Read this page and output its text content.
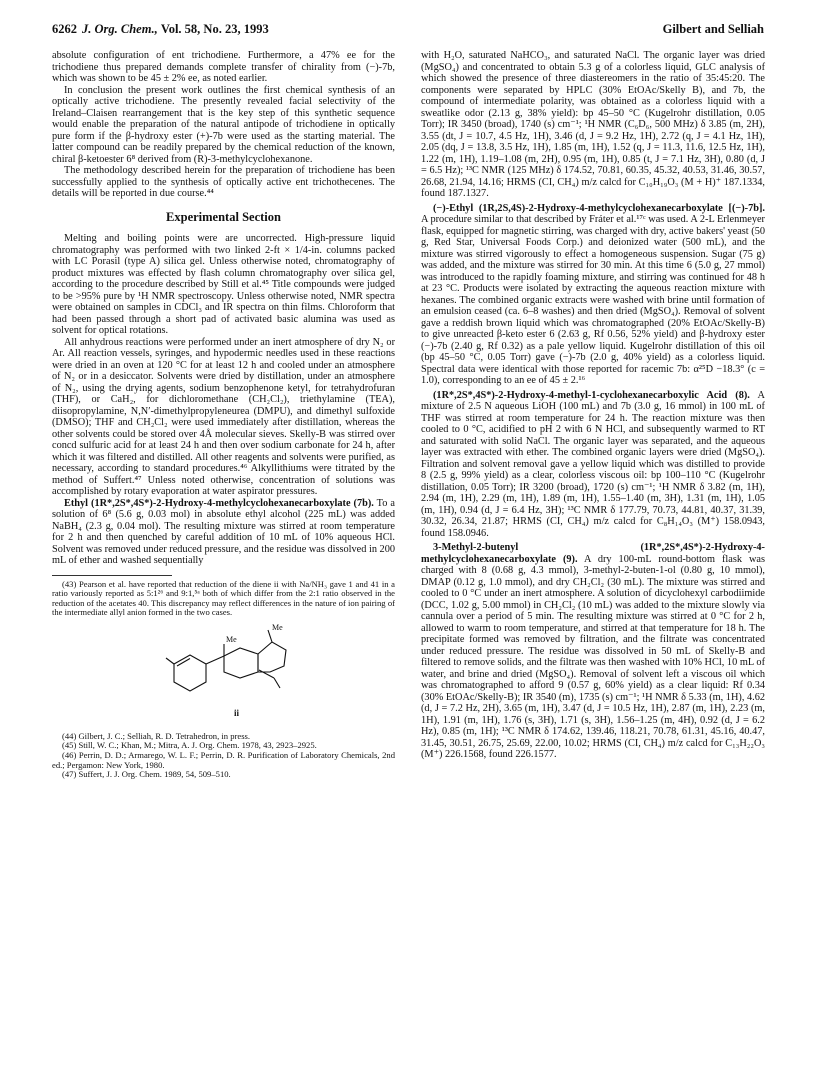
6262 J. Org. Chem., Vol. 58, No. 23, 1993	Gilbert and Selliah

absolute configuration of ent trichodiene. Furthermore, a 47% ee for the trichodiene thus prepared demands complete transfer of chirality from (−)-7b, which was shown to be 45 ± 2% ee, as noted earlier.

In conclusion the present work outlines the first chemical synthesis of an optically active trichodiene. The presently revealed facial selectivity of the Ireland–Claisen rearrangement that is the key step of this synthetic sequence would enable the preparation of the natural antipode of trichodiene in optically pure form if the β-hydroxy ester (+)-7b were used as the starting material. The latter compound can be readily prepared by the chemical reduction of the known, chiral β-ketoester 6⁸ derived from (R)-3-methylcyclohexanone.

The methodology described herein for the preparation of trichodiene has been successfully applied to the synthesis of optically active ent trichothecenes. The details will be reported in due course.⁴⁴

Experimental Section

Melting and boiling points were are uncorrected. High-pressure liquid chromatography was performed with two linked 2-ft × 1/4-in. columns packed with LC Porasil (type A) silica gel. Unless otherwise noted, chromatography of product mixtures was effected by flash column chromatography over silica gel, according to the procedure described by Still et al.⁴⁵ Title compounds were judged to be >95% pure by ¹H NMR spectroscopy. Unless otherwise noted, NMR spectra were obtained on samples in CDCl₃ and IR spectra on thin films. Chloroform that had been passed through a short pad of activated basic alumina was used as solvent for optical rotations.

All anhydrous reactions were performed under an inert atmosphere of dry N₂ or Ar. All reaction vessels, syringes, and hypodermic needles used in these reactions were dried in an oven at 120 °C for at least 12 h and cooled under an atmosphere of N₂ or in a desiccator. Solvents were dried by distillation, under an atmosphere of N₂, using the drying agents, sodium benzophenone ketyl, for tetrahydrofuran (THF), or CaH₂, for dichloromethane (CH₂Cl₂), triethylamine (TEA), diisopropylamine, N,N′-dimethylpropyleneurea (DMPU), and dimethyl sulfoxide (DMSO); THF and CH₂Cl₂ were used immediately after distillation, whereas the other solvents could be stored over 4Å molecular sieves. Skelly-B was stirred over concd sulfuric acid for at least 24 h and then over sodium carbonate for 24 h, after which it was filtered and distilled. All other reagents and solvents were purified, as necessary, according to standard procedures.⁴⁶ Alkyllithiums were titrated by the method of Suffert.⁴⁷ Unless noted otherwise, concentration of solutions was accomplished by rotary evaporation at water aspirator pressures.

Ethyl (1R*,2S*,4S*)-2-Hydroxy-4-methylcyclohexanecarboxylate (7b). To a solution of 6⁸ (5.6 g, 0.03 mol) in absolute ethyl alcohol (225 mL) was added NaBH₄ (2.3 g, 0.04 mol). The resulting mixture was stirred at room temperature for 2 h and then quenched by careful addition of 10 mL of 10% aqueous HCl. Solvent was removed under reduced pressure, and the residue was dissolved in 200 mL of ether and washed sequentially

(43) Pearson et al. have reported that reduction of the diene ii with Na/NH₃ gave 1 and 41 in a ratio variously reported as 5:1²⁶ and 9:1,⁵ᵃ both of which differ from the 2:1 ratio observed in the reduction of the acetates 40. This discrepancy may reflect differences in the nature of ion pairing of the intermediate allyl anion formed in the two cases.

Me
Me
ii

(44) Gilbert, J. C.; Selliah, R. D. Tetrahedron, in press.

(45) Still, W. C.; Khan, M.; Mitra, A. J. Org. Chem. 1978, 43, 2923–2925.

(46) Perrin, D. D.; Armarego, W. L. F.; Perrin, D. R. Purification of Laboratory Chemicals, 2nd ed.; Pergamon: New York, 1980.

(47) Suffert, J. J. Org. Chem. 1989, 54, 509–510.

with H₂O, saturated NaHCO₃, and saturated NaCl. The organic layer was dried (MgSO₄) and concentrated to obtain 5.3 g of a colorless liquid, GLC analysis of which showed the presence of three diastereomers in the ratio of 35:45:20. The components were separated by HPLC (30% EtOAc/Skelly B), and 7b, the compound of intermediate polarity, was obtained as a colorless liquid with a sweatlike odor (2.13 g, 38% yield): bp 45–50 °C (Kugelrohr distillation, 0.05 Torr); IR 3450 (broad), 1740 (s) cm⁻¹; ¹H NMR (C₆D₆, 500 MHz) δ 3.85 (m, 2H), 3.55 (dt, J = 10.7, 4.5 Hz, 1H), 3.46 (d, J = 9.2 Hz, 1H), 2.72 (q, J = 4.1 Hz, 1H), 2.05 (dq, J = 13.8, 3.5 Hz, 1H), 1.85 (m, 1H), 1.52 (q, J = 11.3, 11.6, 12.5 Hz, 1H), 1.22 (m, 1H), 1.19–1.08 (m, 2H), 0.95 (m, 1H), 0.85 (t, J = 7.1 Hz, 3H), 0.80 (d, J = 6.5 Hz); ¹³C NMR (125 MHz) δ 174.52, 70.81, 60.35, 45.32, 40.53, 31.46, 30.57, 26.68, 21.94, 14.16; HRMS (CI, CH₄) m/z calcd for C₁₀H₁₉O₃ (M + H)⁺ 187.1334, found 187.1327.

(−)-Ethyl (1R,2S,4S)-2-Hydroxy-4-methylcyclohexanecarboxylate [(−)-7b]. A procedure similar to that described by Fráter et al.¹⁷ᶜ was used. A 2-L Erlenmeyer flask, equipped for magnetic stirring, was charged with dry, active bakers' yeast (50 g, Red Star, Universal Foods Corp.) and deionized water (500 mL), and the mixture was stirred vigorously to effect a homogeneous suspension. Sugar (75 g) was added, and the mixture was stirred for 30 min. At this time 6 (5.0 g, 27 mmol) was introduced to the rapidly foaming mixture, and stirring was continued for 48 h at 23 °C. Products were isolated by extracting the aqueous reaction mixture with hexanes. The combined organic extracts were washed with brine until formation of an emulsion ceased (ca. 6–8 washes) and then dried (MgSO₄). Removal of solvent gave a reddish brown liquid which was chromatographed (20% EtOAc/Skelly-B) to give unreacted β-keto ester 6 (2.63 g, Rf 0.56, 52% yield) and β-hydroxy ester (−)-7b (2.40 g, Rf 0.32) as a pale yellow liquid. Kugelrohr distillation of this oil (bp 45–50 °C, 0.05 Torr) gave (−)-7b (2.0 g, 40% yield) as a colorless liquid. Spectral data were identical with those reported for racemic 7b: α²⁵D −18.3° (c = 1.0), corresponding to an ee of 45 ± 2.¹⁶

(1R*,2S*,4S*)-2-Hydroxy-4-methyl-1-cyclohexanecarboxylic Acid (8). A mixture of 2.5 N aqueous LiOH (100 mL) and 7b (3.0 g, 16 mmol) in 100 mL of THF was stirred at room temperature for 24 h. The reaction mixture was then cooled to 0 °C, acidified to pH 2 with 6 N HCl, and subsequently warmed to RT and saturated with solid NaCl. The organic layer was separated, and the aqueous layer was extracted with ether. The combined organic layers were dried (MgSO₄). Filtration and solvent removal gave a yellow liquid which was distilled to provide 8 (2.5 g, 99% yield) as a clear, colorless viscous oil: bp 100–110 °C (Kugelrohr distillation, 0.05 Torr); IR 3200 (broad), 1720 (s) cm⁻¹; ¹H NMR δ 3.82 (m, 1H), 2.94 (m, 1H), 2.29 (m, 1H), 1.89 (m, 1H), 1.55–1.40 (m, 3H), 1.31 (m, 1H), 1.05 (m, 1H), 0.94 (d, J = 6.4 Hz, 3H); ¹³C NMR δ 177.79, 70.73, 44.81, 40.37, 31.39, 30.32, 26.34, 21.87; HRMS (CI, CH₄) m/z calcd for C₈H₁₄O₃ (M⁺) 158.0943, found 158.0946.

3-Methyl-2-butenyl (1R*,2S*,4S*)-2-Hydroxy-4-methylcyclohexanecarboxylate (9). A dry 100-mL round-bottom flask was charged with 8 (0.68 g, 4.3 mmol), 3-methyl-2-buten-1-ol (0.80 g, 10 mmol), DMAP (0.12 g, 1.0 mmol), and dry CH₂Cl₂ (30 mL). The mixture was stirred and cooled to 0 °C under an inert atmosphere. A solution of dicyclohexyl carbodiimide (DCC, 1.02 g, 5.00 mmol) in CH₂Cl₂ (10 mL) was added to the mixture slowly via cannula over a period of 5 min. The resulting mixture was stirred at 0 °C for 2 h, allowed to warm to room temperature, and stirred at that temperature for 18 h. The precipitate formed was removed by filtration, and the filtrate was concentrated under reduced pressure. The residue was dissolved in 50 mL of Skelly-B and filtered to remove solids, and the filtrate was then washed with 10% HCl, 10 mL of water, and brine and dried (MgSO₄). Removal of solvent left a viscous oil which was chromatographed to afford 9 (0.57 g, 60% yield) as a clear liquid: Rf 0.34 (30% EtOAc/Skelly-B); IR 3540 (m), 1735 (s) cm⁻¹; ¹H NMR δ 5.33 (m, 1H), 4.62 (d, J = 7.2 Hz, 2H), 3.65 (m, 1H), 3.47 (d, J = 10.5 Hz, 1H), 2.87 (m, 1H), 2.23 (m, 1H), 1.91 (m, 1H), 1.76 (s, 3H), 1.71 (s, 3H), 1.56–1.25 (m, 4H), 0.92 (d, J = 6.2 Hz), 0.85 (m, 1H); ¹³C NMR δ 174.62, 139.46, 118.21, 70.78, 61.31, 45.16, 40.47, 31.45, 30.51, 26.75, 25.69, 22.00, 10.02; HRMS (CI, CH₄) m/z calcd for C₁₃H₂₂O₃ (M⁺) 226.1568, found 226.1577.
